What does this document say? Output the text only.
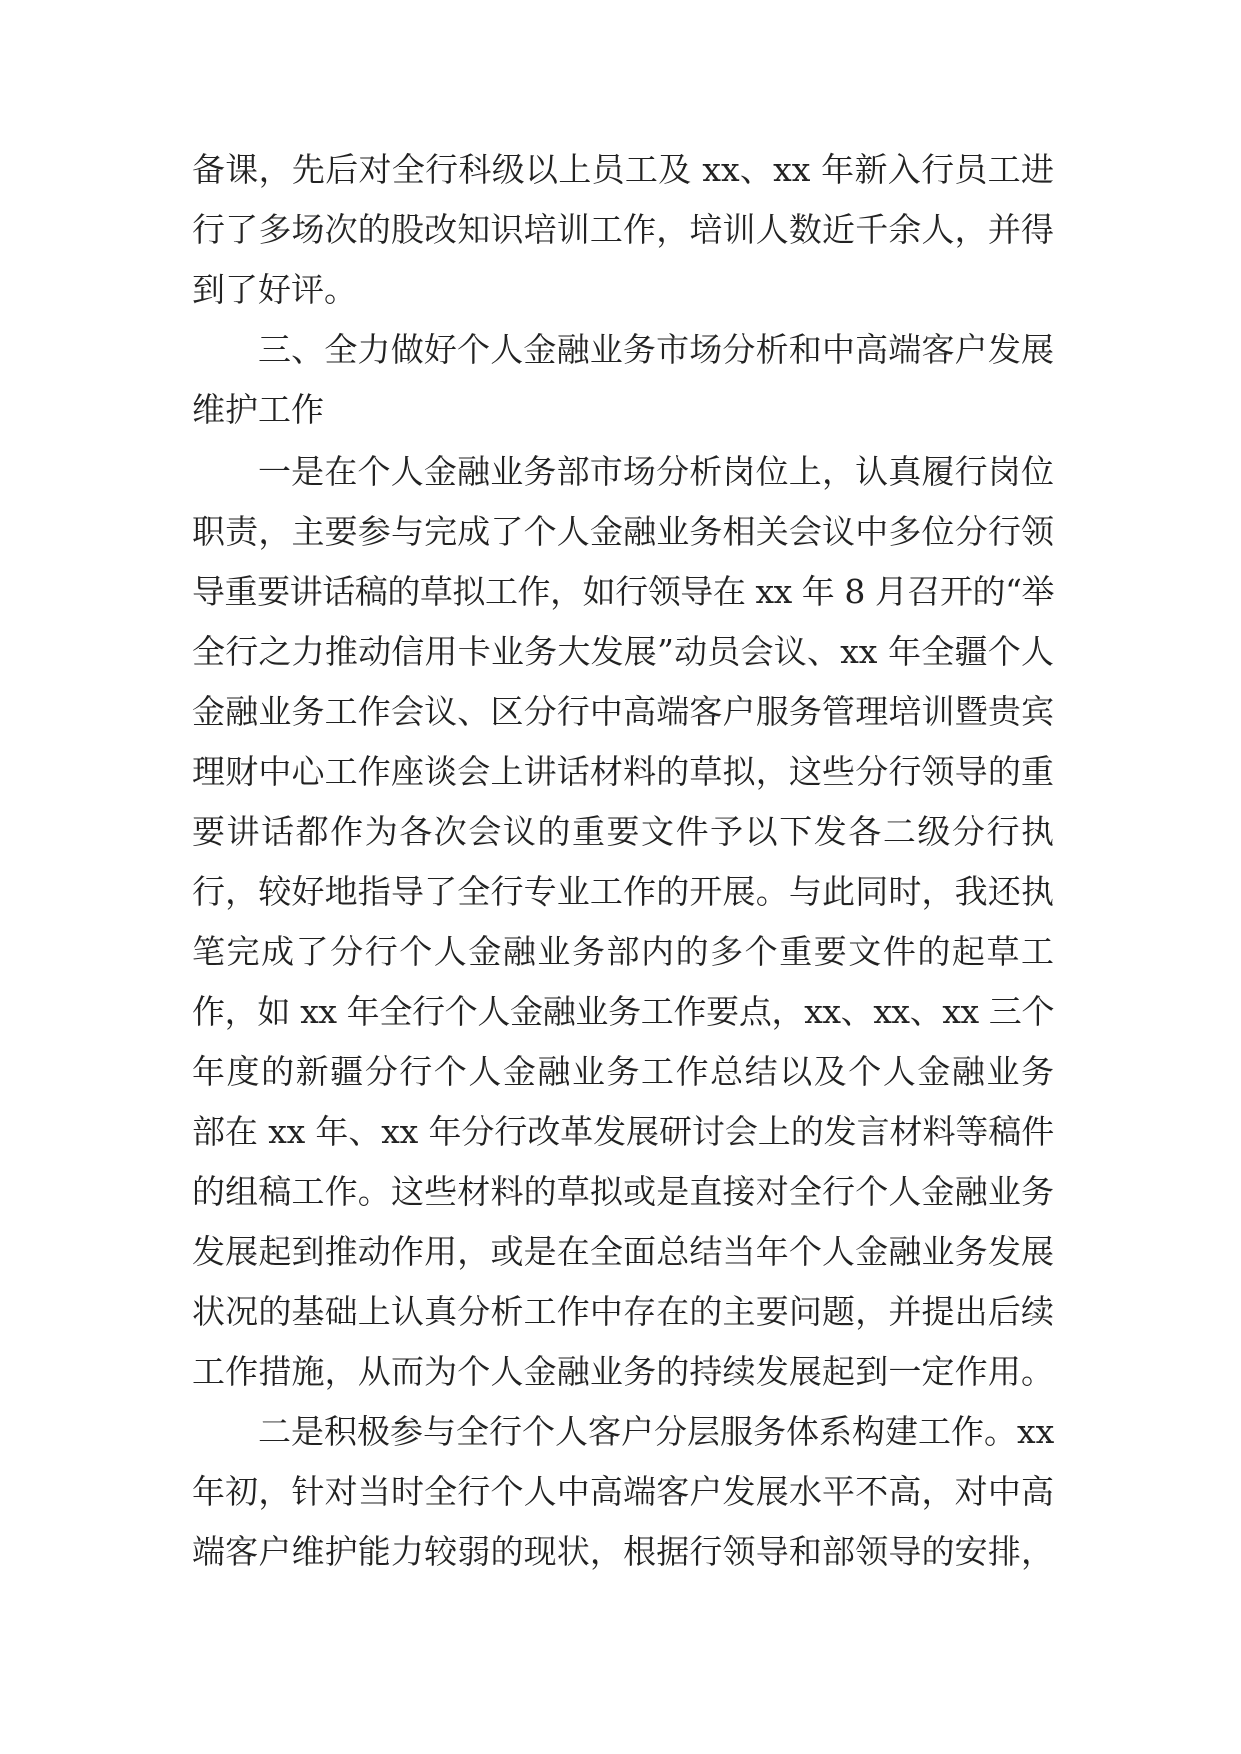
备课，先后对全行科级以上员工及 xx、xx 年新入行员工进
行了多场次的股改知识培训工作，培训人数近千余人，并得
到了好评。
三、全力做好个人金融业务市场分析和中高端客户发展
维护工作
一是在个人金融业务部市场分析岗位上，认真履行岗位
职责，主要参与完成了个人金融业务相关会议中多位分行领
导重要讲话稿的草拟工作，如行领导在 xx 年 8 月召开的“举
全行之力推动信用卡业务大发展”动员会议、xx 年全疆个人
金融业务工作会议、区分行中高端客户服务管理培训暨贵宾
理财中心工作座谈会上讲话材料的草拟，这些分行领导的重
要讲话都作为各次会议的重要文件予以下发各二级分行执
行，较好地指导了全行专业工作的开展。与此同时，我还执
笔完成了分行个人金融业务部内的多个重要文件的起草工
作，如 xx 年全行个人金融业务工作要点，xx、xx、xx 三个
年度的新疆分行个人金融业务工作总结以及个人金融业务
部在 xx 年、xx 年分行改革发展研讨会上的发言材料等稿件
的组稿工作。这些材料的草拟或是直接对全行个人金融业务
发展起到推动作用，或是在全面总结当年个人金融业务发展
状况的基础上认真分析工作中存在的主要问题，并提出后续
工作措施，从而为个人金融业务的持续发展起到一定作用。
二是积极参与全行个人客户分层服务体系构建工作。xx
年初，针对当时全行个人中高端客户发展水平不高，对中高
端客户维护能力较弱的现状，根据行领导和部领导的安排，
